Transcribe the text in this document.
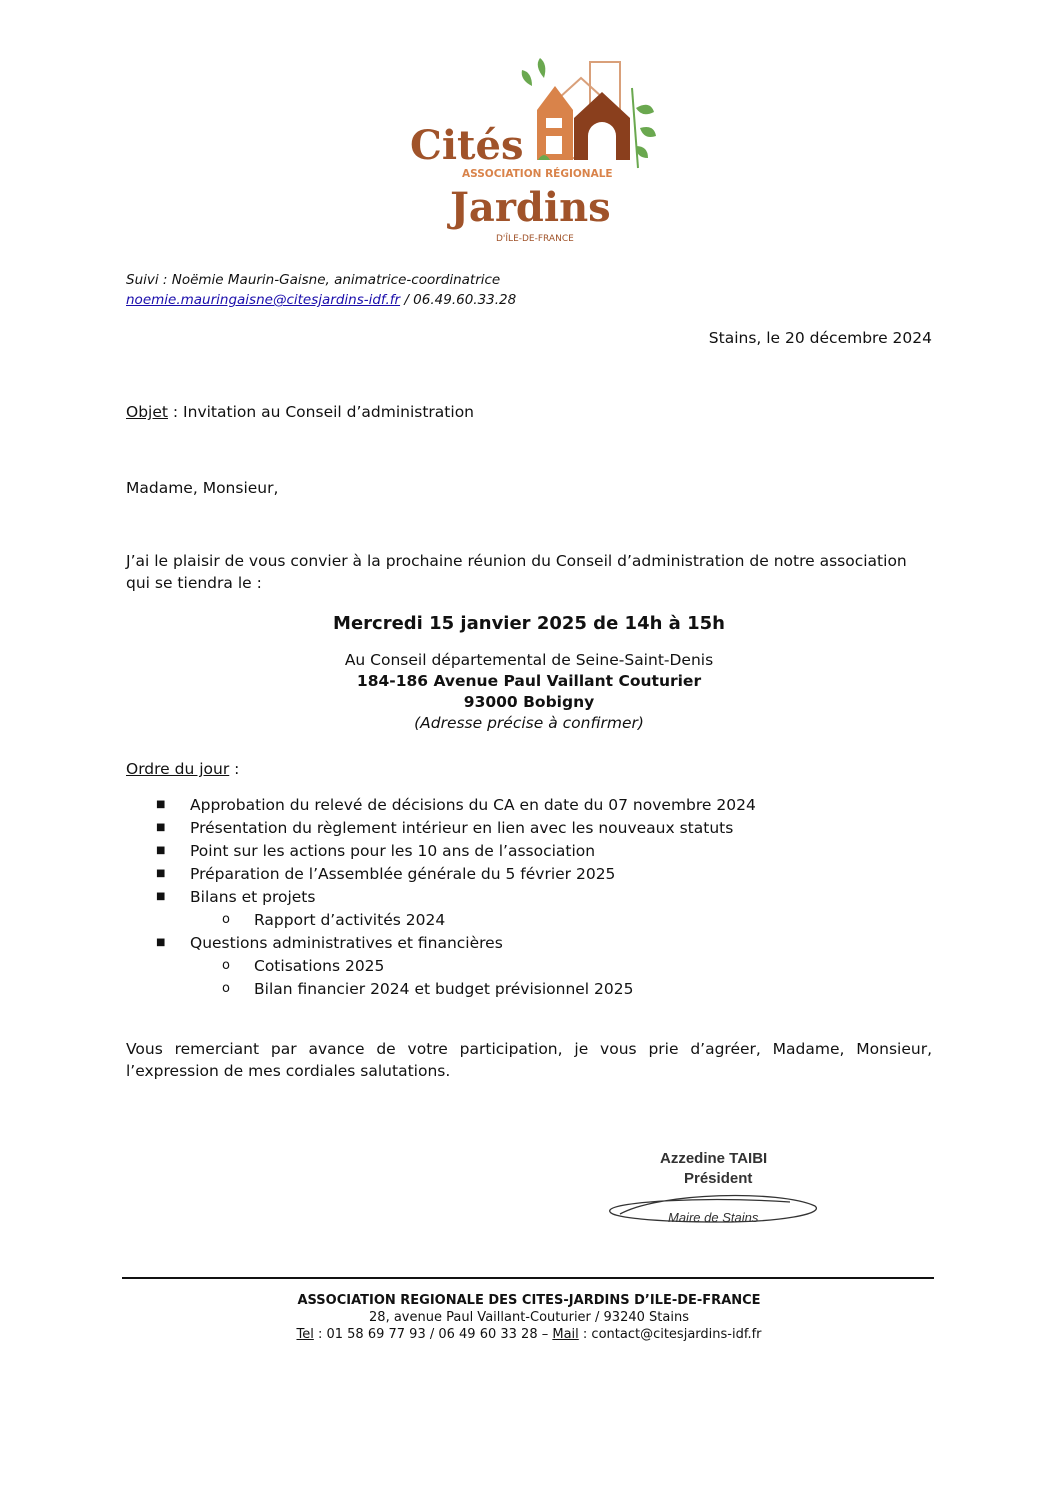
Cités
ASSOCIATION RÉGIONALE
Jardins
D'ÎLE-DE-FRANCE
Suivi : Noëmie Maurin-Gaisne, animatrice-coordinatrice
noemie.mauringaisne@citesjardins-idf.fr / 06.49.60.33.28
Stains, le 20 décembre 2024
Objet : Invitation au Conseil d’administration
Madame, Monsieur,
J’ai le plaisir de vous convier à la prochaine réunion du Conseil d’administration de notre association qui se tiendra le :
Mercredi 15 janvier 2025 de 14h à 15h
Au Conseil départemental de Seine-Saint-Denis
184-186 Avenue Paul Vaillant Couturier
93000 Bobigny
(Adresse précise à confirmer)
Ordre du jour :
■	Approbation du relevé de décisions du CA en date du 07 novembre 2024
■	Présentation du règlement intérieur en lien avec les nouveaux statuts
■	Point sur les actions pour les 10 ans de l’association
■	Préparation de l’Assemblée générale du 5 février 2025
■	Bilans et projets
o	Rapport d’activités 2024
■	Questions administratives et financières
o	Cotisations 2025
o	Bilan financier 2024 et budget prévisionnel 2025
Vous remerciant par avance de votre participation, je vous prie d’agréer, Madame, Monsieur, l’expression de mes cordiales salutations.
Azzedine TAIBI
Président
Maire de Stains
ASSOCIATION REGIONALE DES CITES-JARDINS D’ILE-DE-FRANCE
28, avenue Paul Vaillant-Couturier / 93240 Stains
Tel : 01 58 69 77 93 / 06 49 60 33 28 – Mail : contact@citesjardins-idf.fr
